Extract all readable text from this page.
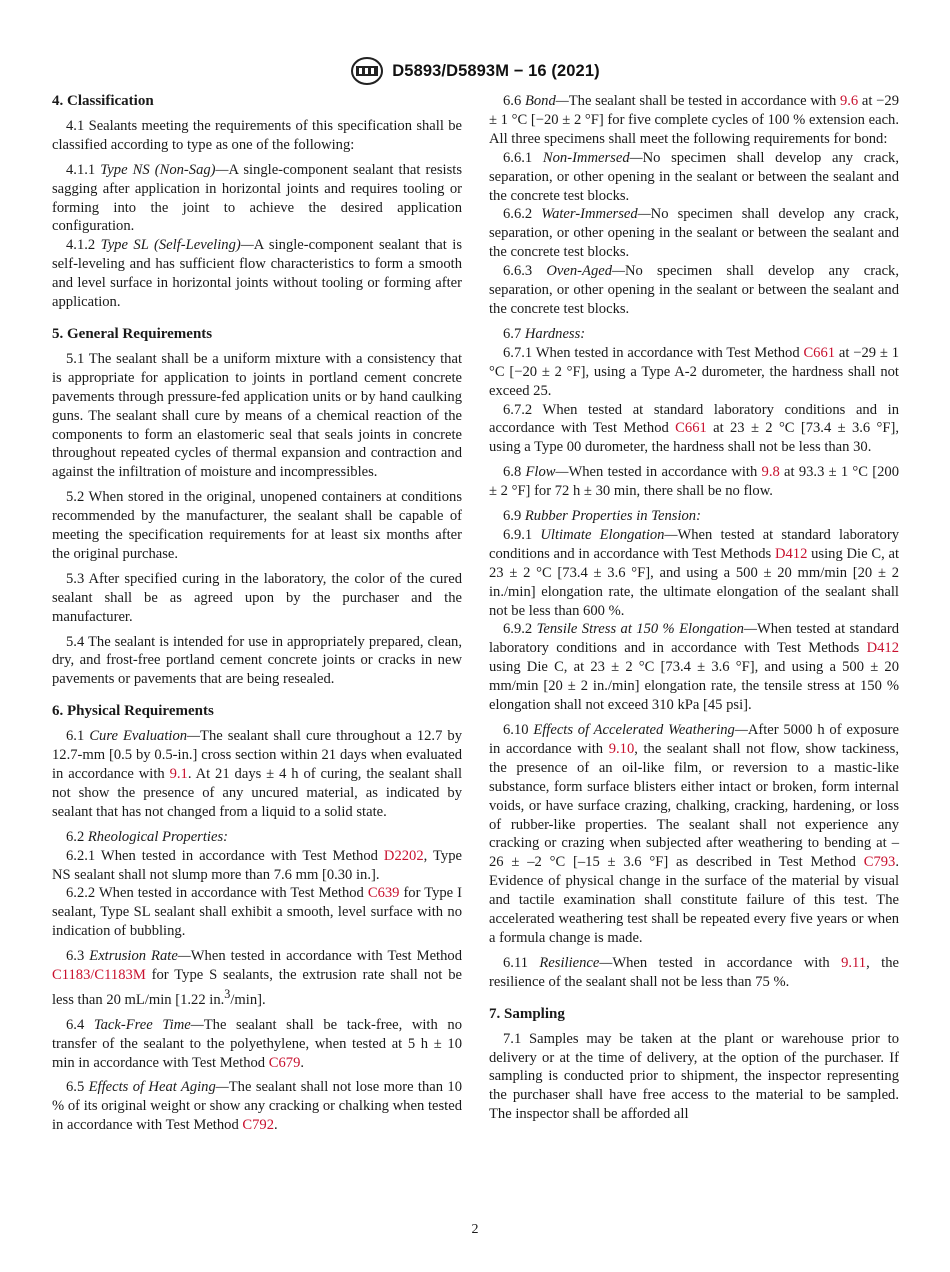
D5893/D5893M − 16 (2021)
4. Classification

4.1 Sealants meeting the requirements of this specification shall be classified according to type as one of the following:

4.1.1 Type NS (Non-Sag)—A single-component sealant that resists sagging after application in horizontal joints and requires tooling or forming into the joint to achieve the desired application configuration.

4.1.2 Type SL (Self-Leveling)—A single-component sealant that is self-leveling and has sufficient flow characteristics to form a smooth and level surface in horizontal joints without tooling or forming after application.

5. General Requirements

5.1 The sealant shall be a uniform mixture with a consistency that is appropriate for application to joints in portland cement concrete pavements through pressure-fed application units or by hand caulking guns. The sealant shall cure by means of a chemical reaction of the components to form an elastomeric seal that seals joints in concrete throughout repeated cycles of thermal expansion and contraction and against the infiltration of moisture and incompressibles.

5.2 When stored in the original, unopened containers at conditions recommended by the manufacturer, the sealant shall be capable of meeting the specification requirements for at least six months after the original purchase.

5.3 After specified curing in the laboratory, the color of the cured sealant shall be as agreed upon by the purchaser and the manufacturer.

5.4 The sealant is intended for use in appropriately prepared, clean, dry, and frost-free portland cement concrete joints or cracks in new pavements or pavements that are being resealed.

6. Physical Requirements

6.1 Cure Evaluation—The sealant shall cure throughout a 12.7 by 12.7-mm [0.5 by 0.5-in.] cross section within 21 days when evaluated in accordance with 9.1. At 21 days ± 4 h of curing, the sealant shall not show the presence of any uncured material, as indicated by sealant that has not changed from a liquid to a solid state.

6.2 Rheological Properties:

6.2.1 When tested in accordance with Test Method D2202, Type NS sealant shall not slump more than 7.6 mm [0.30 in.].

6.2.2 When tested in accordance with Test Method C639 for Type I sealant, Type SL sealant shall exhibit a smooth, level surface with no indication of bubbling.

6.3 Extrusion Rate—When tested in accordance with Test Method C1183/C1183M for Type S sealants, the extrusion rate shall not be less than 20 mL/min [1.22 in.$^3$/min].

6.4 Tack-Free Time—The sealant shall be tack-free, with no transfer of the sealant to the polyethylene, when tested at 5 h ± 10 min in accordance with Test Method C679.

6.5 Effects of Heat Aging—The sealant shall not lose more than 10 % of its original weight or show any cracking or chalking when tested in accordance with Test Method C792.

6.6 Bond—The sealant shall be tested in accordance with 9.6 at −29 ± 1 °C [−20 ± 2 °F] for five complete cycles of 100 % extension each. All three specimens shall meet the following requirements for bond:

6.6.1 Non-Immersed—No specimen shall develop any crack, separation, or other opening in the sealant or between the sealant and the concrete test blocks.

6.6.2 Water-Immersed—No specimen shall develop any crack, separation, or other opening in the sealant or between the sealant and the concrete test blocks.

6.6.3 Oven-Aged—No specimen shall develop any crack, separation, or other opening in the sealant or between the sealant and the concrete test blocks.

6.7 Hardness:

6.7.1 When tested in accordance with Test Method C661 at −29 ± 1 °C [−20 ± 2 °F], using a Type A-2 durometer, the hardness shall not exceed 25.

6.7.2 When tested at standard laboratory conditions and in accordance with Test Method C661 at 23 ± 2 °C [73.4 ± 3.6 °F], using a Type 00 durometer, the hardness shall not be less than 30.

6.8 Flow—When tested in accordance with 9.8 at 93.3 ± 1 °C [200 ± 2 °F] for 72 h ± 30 min, there shall be no flow.

6.9 Rubber Properties in Tension:

6.9.1 Ultimate Elongation—When tested at standard laboratory conditions and in accordance with Test Methods D412 using Die C, at 23 ± 2 °C [73.4 ± 3.6 °F], and using a 500 ± 20 mm/min [20 ± 2 in./min] elongation rate, the ultimate elongation of the sealant shall not be less than 600 %.

6.9.2 Tensile Stress at 150 % Elongation—When tested at standard laboratory conditions and in accordance with Test Methods D412 using Die C, at 23 ± 2 °C [73.4 ± 3.6 °F], and using a 500 ± 20 mm/min [20 ± 2 in./min] elongation rate, the tensile stress at 150 % elongation shall not exceed 310 kPa [45 psi].

6.10 Effects of Accelerated Weathering—After 5000 h of exposure in accordance with 9.10, the sealant shall not flow, show tackiness, the presence of an oil-like film, or reversion to a mastic-like substance, form surface blisters either intact or broken, form internal voids, or have surface crazing, chalking, cracking, hardening, or loss of rubber-like properties. The sealant shall not experience any cracking or crazing when subjected after weathering to bending at –26 ± –2 °C [–15 ± 3.6 °F] as described in Test Method C793. Evidence of physical change in the surface of the material by visual and tactile examination shall constitute failure of this test. The accelerated weathering test shall be repeated every five years or when a formula change is made.

6.11 Resilience—When tested in accordance with 9.11, the resilience of the sealant shall not be less than 75 %.

7. Sampling

7.1 Samples may be taken at the plant or warehouse prior to delivery or at the time of delivery, at the option of the purchaser. If sampling is conducted prior to shipment, the inspector representing the purchaser shall have free access to the material to be sampled. The inspector shall be afforded all

2
